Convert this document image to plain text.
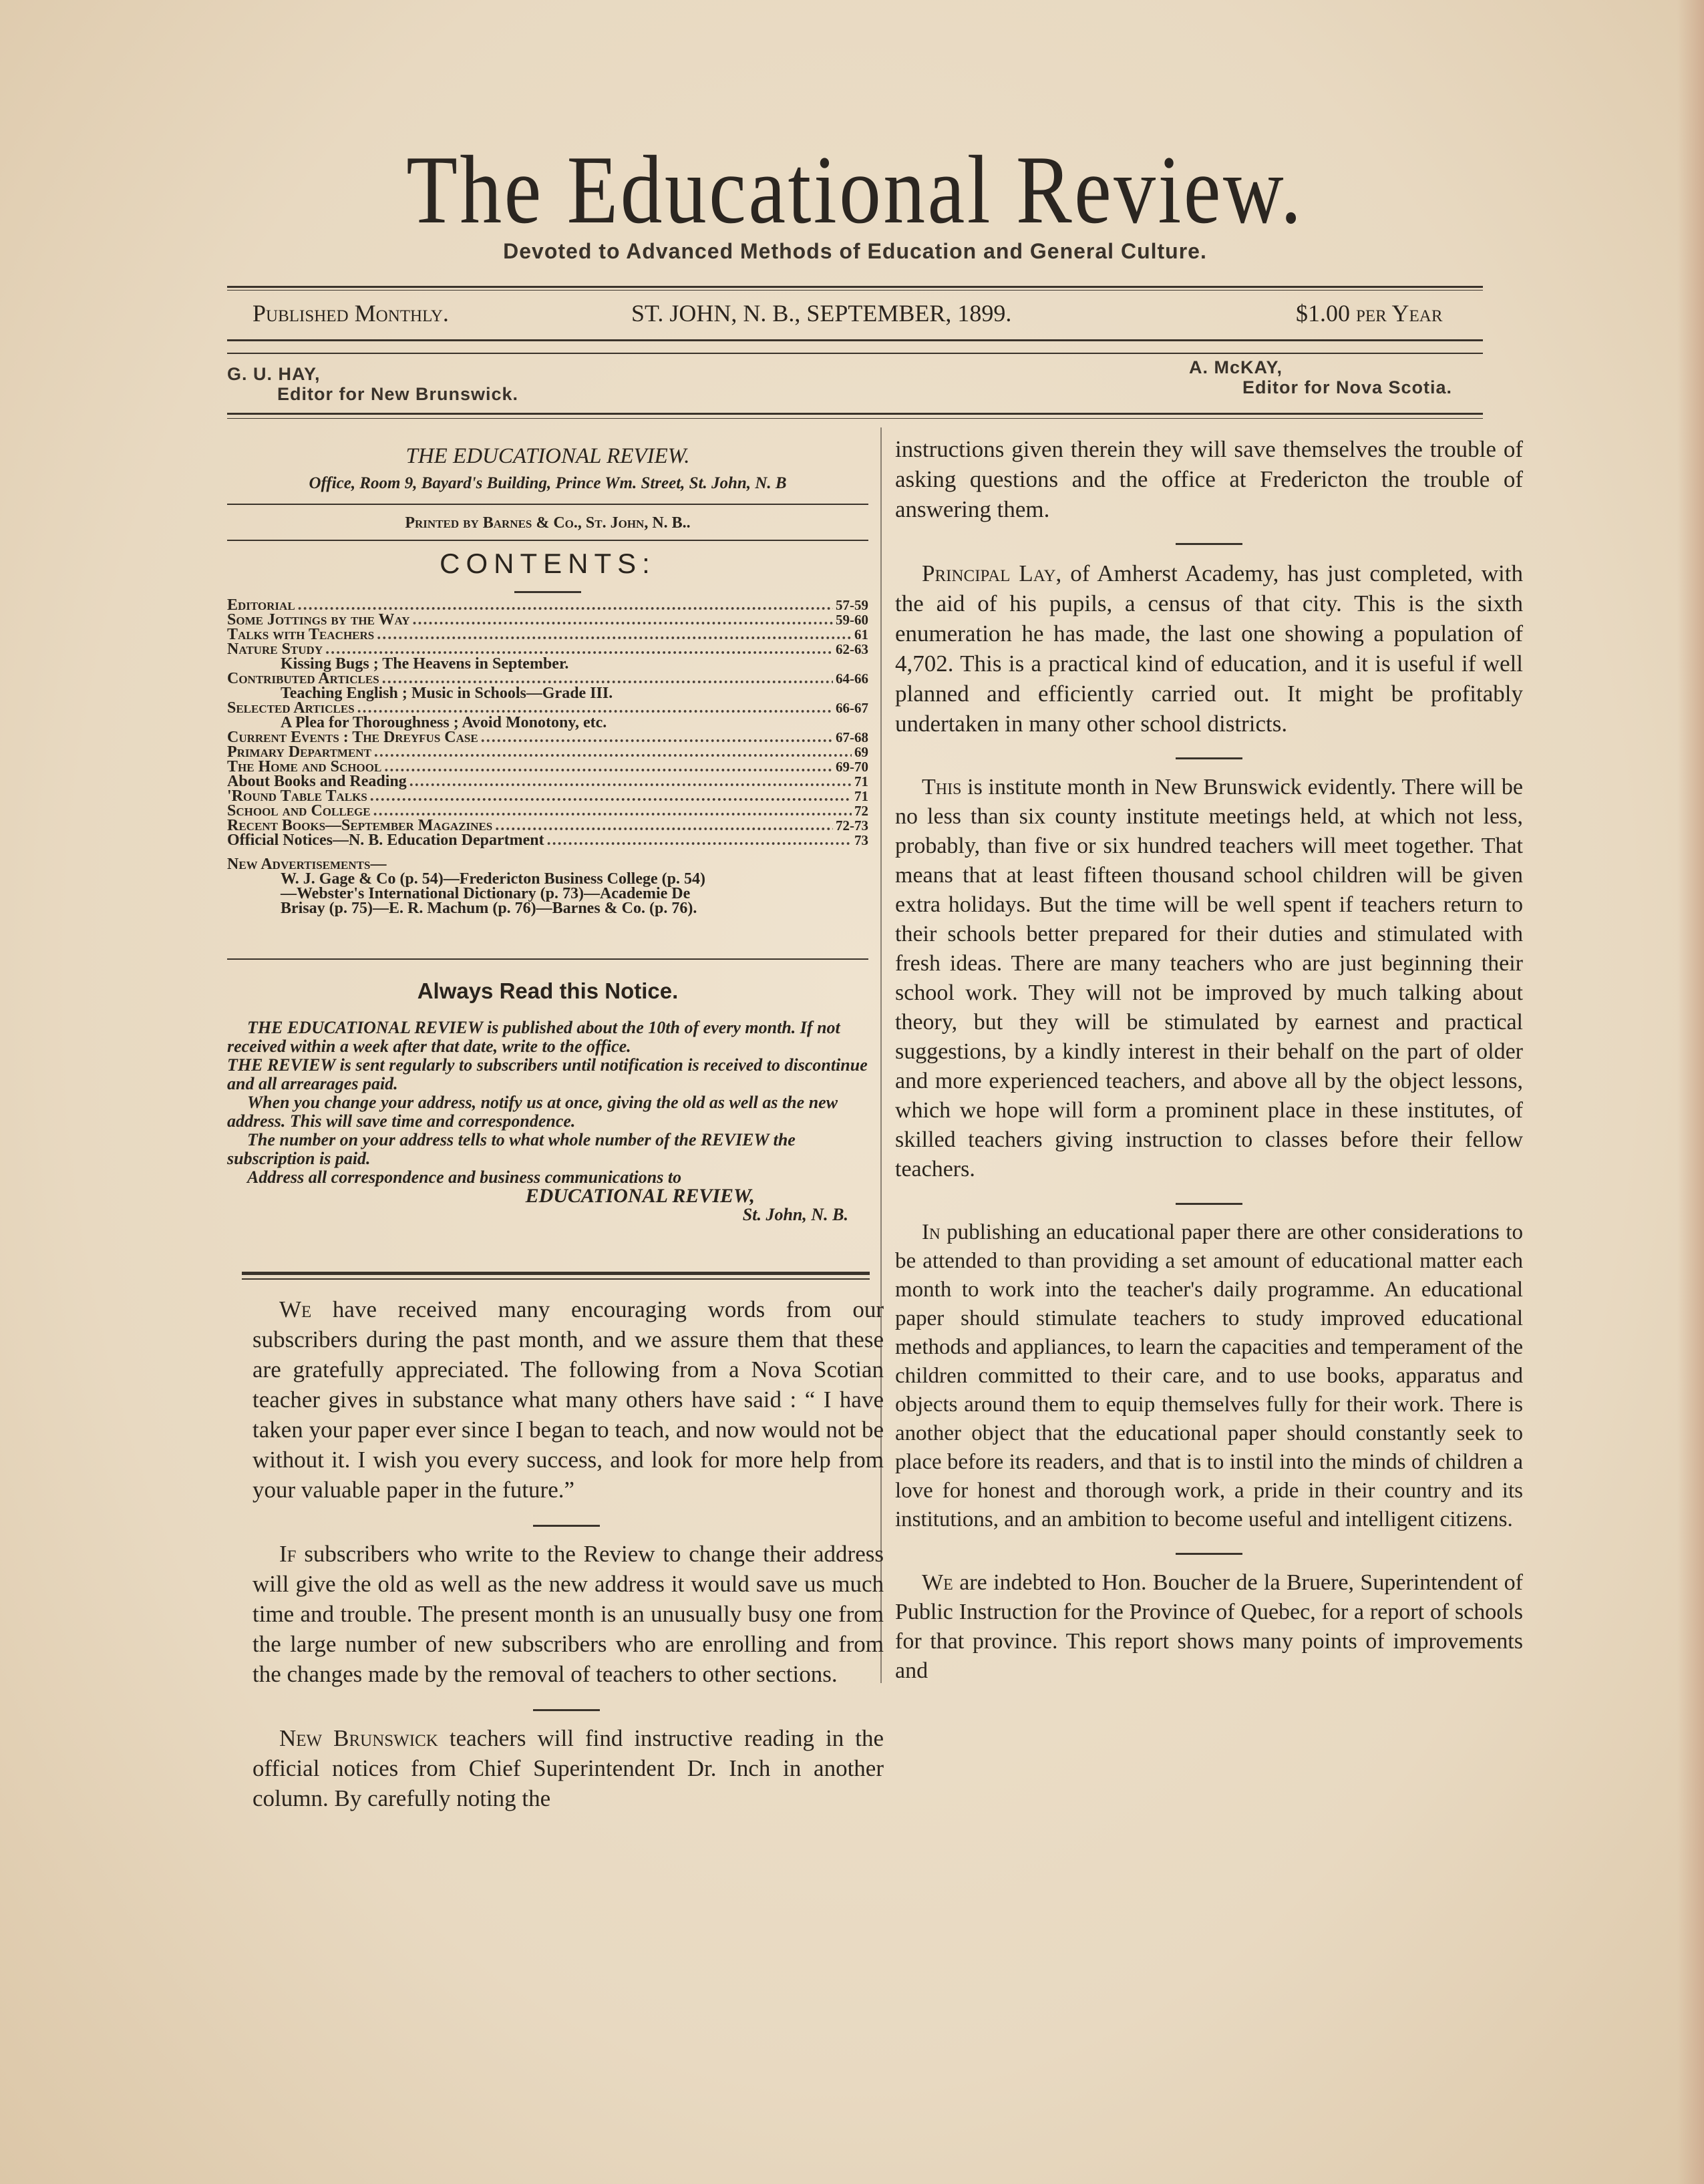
The Educational Review.
Devoted to Advanced Methods of Education and General Culture.
Published Monthly.	ST. JOHN, N. B., SEPTEMBER, 1899.	$1.00 per Year
G. U. HAY,
Editor for New Brunswick.
A. McKAY,
Editor for Nova Scotia.
THE EDUCATIONAL REVIEW.
Office, Room 9, Bayard's Building, Prince Wm. Street, St. John, N. B
Printed by Barnes & Co., St. John, N. B..
CONTENTS:
Editorial .....	57-59
Some Jottings by the Way .....	59-60
Talks with Teachers .....	61
Nature Study .....	62-63
Kissing Bugs ; The Heavens in September.
Contributed Articles .....	64-66
Teaching English ; Music in Schools—Grade III.
Selected Articles .....	66-67
A Plea for Thoroughness ; Avoid Monotony, etc.
Current Events : The Dreyfus Case .....	67-68
Primary Department .....	69
The Home and School .....	69-70
About Books and Reading .....	71
'Round Table Talks .....	71
School and College .....	72
Recent Books—September Magazines .....	72-73
Official Notices—N. B. Education Department .....	73
New Advertisements—
W. J. Gage & Co (p. 54)—Fredericton Business College (p. 54)
—Webster's International Dictionary (p. 73)—Academie De
Brisay (p. 75)—E. R. Machum (p. 76)—Barnes & Co. (p. 76).
Always Read this Notice.
THE EDUCATIONAL REVIEW is published about the 10th of every month. If not received within a week after that date, write to the office.
THE REVIEW is sent regularly to subscribers until notification is received to discontinue and all arrearages paid.
When you change your address, notify us at once, giving the old as well as the new address. This will save time and correspondence.
The number on your address tells to what whole number of the REVIEW the subscription is paid.
Address all correspondence and business communications to
EDUCATIONAL REVIEW,
St. John, N. B.

We have received many encouraging words from our subscribers during the past month, and we assure them that these are gratefully appreciated. The following from a Nova Scotian teacher gives in substance what many others have said : “ I have taken your paper ever since I began to teach, and now would not be without it. I wish you every success, and look for more help from your valuable paper in the future.”

If subscribers who write to the Review to change their address will give the old as well as the new address it would save us much time and trouble. The present month is an unusually busy one from the large number of new subscribers who are enrolling and from the changes made by the removal of teachers to other sections.

New Brunswick teachers will find instructive reading in the official notices from Chief Superintendent Dr. Inch in another column. By carefully noting the

instructions given therein they will save themselves the trouble of asking questions and the office at Fredericton the trouble of answering them.

Principal Lay, of Amherst Academy, has just completed, with the aid of his pupils, a census of that city. This is the sixth enumeration he has made, the last one showing a population of 4,702. This is a practical kind of education, and it is useful if well planned and efficiently carried out. It might be profitably undertaken in many other school districts.

This is institute month in New Brunswick evidently. There will be no less than six county institute meetings held, at which not less, probably, than five or six hundred teachers will meet together. That means that at least fifteen thousand school children will be given extra holidays. But the time will be well spent if teachers return to their schools better prepared for their duties and stimulated with fresh ideas. There are many teachers who are just beginning their school work. They will not be improved by much talking about theory, but they will be stimulated by earnest and practical suggestions, by a kindly interest in their behalf on the part of older and more experienced teachers, and above all by the object lessons, which we hope will form a prominent place in these institutes, of skilled teachers giving instruction to classes before their fellow teachers.

In publishing an educational paper there are other considerations to be attended to than providing a set amount of educational matter each month to work into the teacher's daily programme. An educational paper should stimulate teachers to study improved educational methods and appliances, to learn the capacities and temperament of the children committed to their care, and to use books, apparatus and objects around them to equip themselves fully for their work. There is another object that the educational paper should constantly seek to place before its readers, and that is to instil into the minds of children a love for honest and thorough work, a pride in their country and its institutions, and an ambition to become useful and intelligent citizens.

We are indebted to Hon. Boucher de la Bruere, Superintendent of Public Instruction for the Province of Quebec, for a report of schools for that province. This report shows many points of improvements and
